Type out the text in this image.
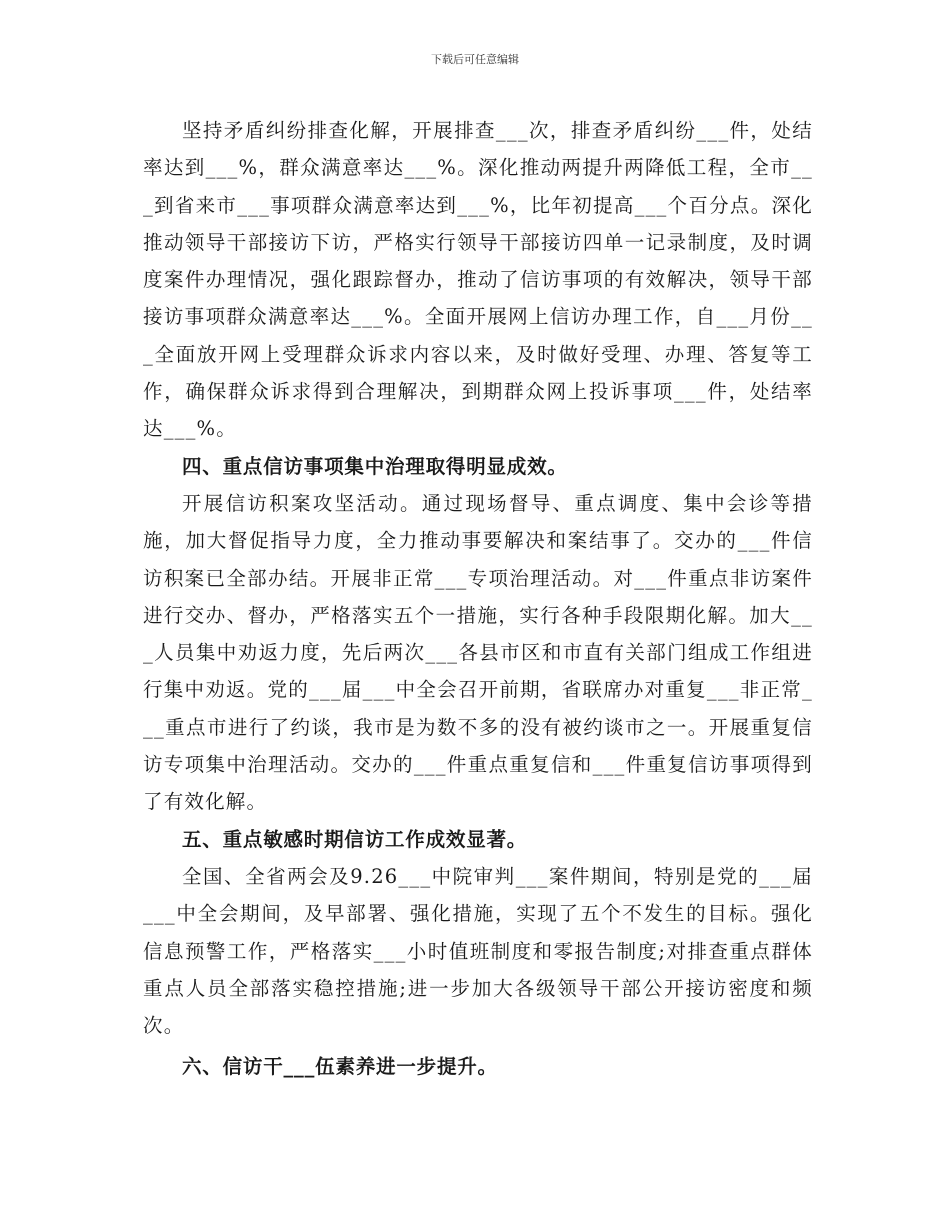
下载后可任意编辑

坚持矛盾纠纷排查化解，开展排查___次，排查矛盾纠纷___件，处结率达到___%，群众满意率达___%。深化推动两提升两降低工程，全市___到省来市___事项群众满意率达到___%，比年初提高___个百分点。深化推动领导干部接访下访，严格实行领导干部接访四单一记录制度，及时调度案件办理情况，强化跟踪督办，推动了信访事项的有效解决，领导干部接访事项群众满意率达___%。全面开展网上信访办理工作，自___月份___全面放开网上受理群众诉求内容以来，及时做好受理、办理、答复等工作，确保群众诉求得到合理解决，到期群众网上投诉事项___件，处结率达___%。

四、重点信访事项集中治理取得明显成效。

开展信访积案攻坚活动。通过现场督导、重点调度、集中会诊等措施，加大督促指导力度，全力推动事要解决和案结事了。交办的___件信访积案已全部办结。开展非正常___专项治理活动。对___件重点非访案件进行交办、督办，严格落实五个一措施，实行各种手段限期化解。加大___人员集中劝返力度，先后两次___各县市区和市直有关部门组成工作组进行集中劝返。党的___届___中全会召开前期，省联席办对重复___非正常___重点市进行了约谈，我市是为数不多的没有被约谈市之一。开展重复信访专项集中治理活动。交办的___件重点重复信和___件重复信访事项得到了有效化解。

五、重点敏感时期信访工作成效显著。

全国、全省两会及9.26___中院审判___案件期间，特别是党的___届___中全会期间，及早部署、强化措施，实现了五个不发生的目标。强化信息预警工作，严格落实___小时值班制度和零报告制度;对排查重点群体重点人员全部落实稳控措施;进一步加大各级领导干部公开接访密度和频次。

六、信访干___伍素养进一步提升。
